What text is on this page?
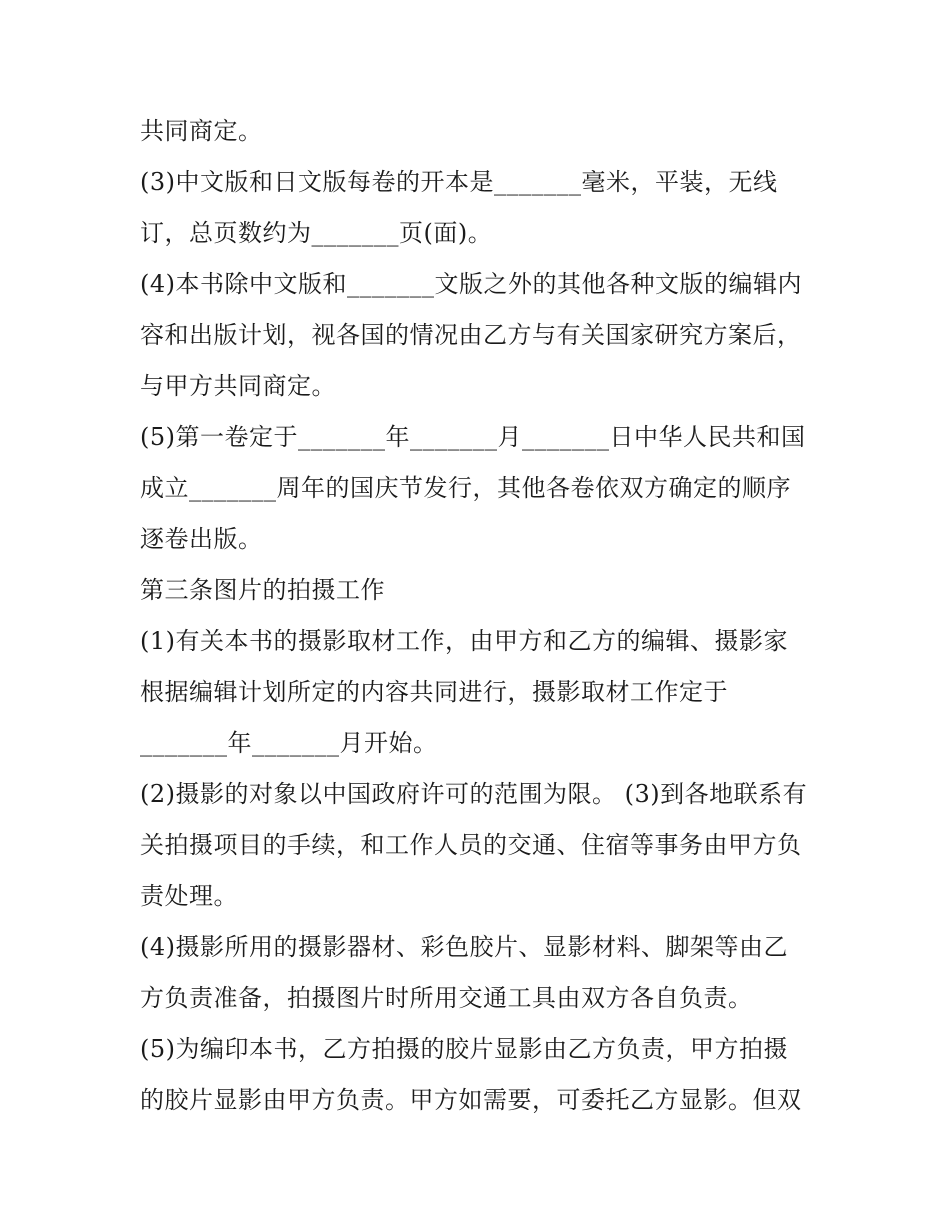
共同商定。
(3)中文版和日文版每卷的开本是_______毫米，平装，无线
订，总页数约为_______页(面)。
(4)本书除中文版和_______文版之外的其他各种文版的编辑内
容和出版计划，视各国的情况由乙方与有关国家研究方案后，
与甲方共同商定。
(5)第一卷定于_______年_______月_______日中华人民共和国
成立_______周年的国庆节发行，其他各卷依双方确定的顺序
逐卷出版。
第三条图片的拍摄工作
(1)有关本书的摄影取材工作，由甲方和乙方的编辑、摄影家
根据编辑计划所定的内容共同进行，摄影取材工作定于
_______年_______月开始。
(2)摄影的对象以中国政府许可的范围为限。 (3)到各地联系有
关拍摄项目的手续，和工作人员的交通、住宿等事务由甲方负
责处理。
(4)摄影所用的摄影器材、彩色胶片、显影材料、脚架等由乙
方负责准备，拍摄图片时所用交通工具由双方各自负责。
(5)为编印本书，乙方拍摄的胶片显影由乙方负责，甲方拍摄
的胶片显影由甲方负责。甲方如需要，可委托乙方显影。但双
